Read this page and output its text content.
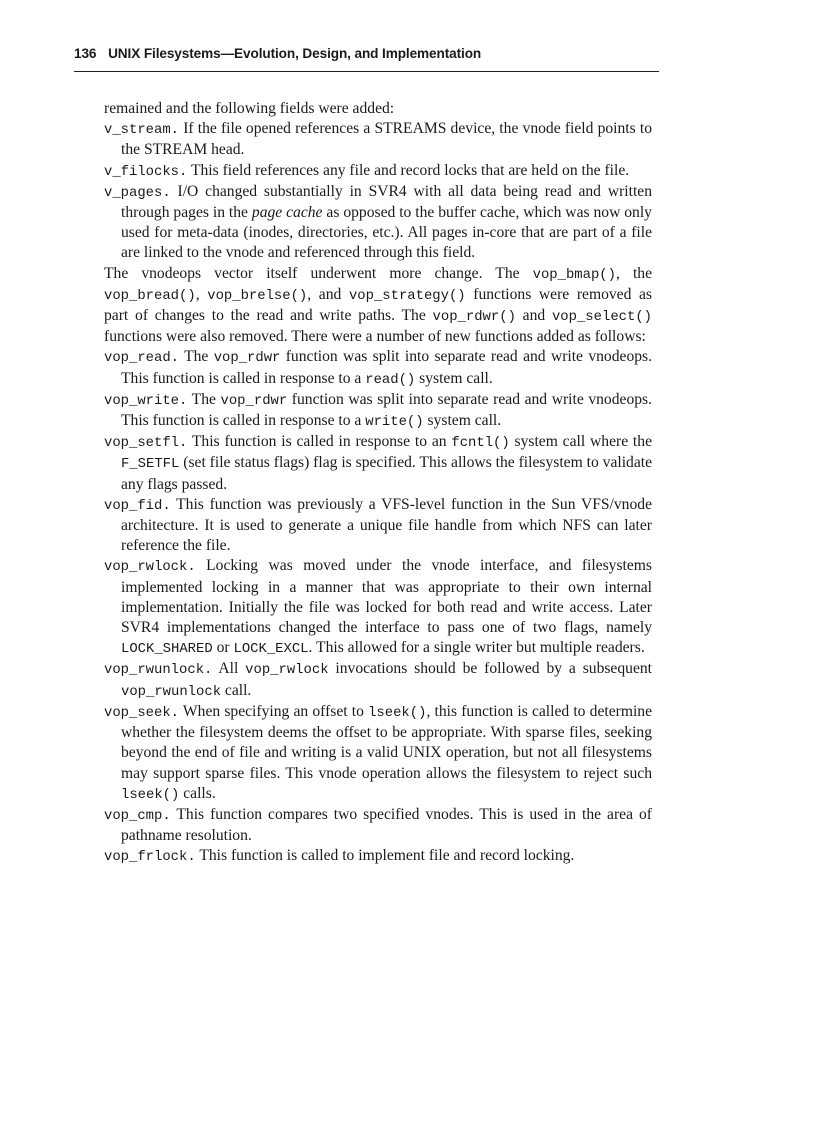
136 UNIX Filesystems—Evolution, Design, and Implementation

remained and the following fields were added:

v_stream. If the file opened references a STREAMS device, the vnode field points to the STREAM head.

v_filocks. This field references any file and record locks that are held on the file.

v_pages. I/O changed substantially in SVR4 with all data being read and written through pages in the page cache as opposed to the buffer cache, which was now only used for meta-data (inodes, directories, etc.). All pages in-core that are part of a file are linked to the vnode and referenced through this field.

The vnodeops vector itself underwent more change. The vop_bmap(), the vop_bread(), vop_brelse(), and vop_strategy() functions were removed as part of changes to the read and write paths. The vop_rdwr() and vop_select() functions were also removed. There were a number of new functions added as follows:

vop_read. The vop_rdwr function was split into separate read and write vnodeops. This function is called in response to a read() system call.

vop_write. The vop_rdwr function was split into separate read and write vnodeops. This function is called in response to a write() system call.

vop_setfl. This function is called in response to an fcntl() system call where the F_SETFL (set file status flags) flag is specified. This allows the filesystem to validate any flags passed.

vop_fid. This function was previously a VFS-level function in the Sun VFS/vnode architecture. It is used to generate a unique file handle from which NFS can later reference the file.

vop_rwlock. Locking was moved under the vnode interface, and filesystems implemented locking in a manner that was appropriate to their own internal implementation. Initially the file was locked for both read and write access. Later SVR4 implementations changed the interface to pass one of two flags, namely LOCK_SHARED or LOCK_EXCL. This allowed for a single writer but multiple readers.

vop_rwunlock. All vop_rwlock invocations should be followed by a subsequent vop_rwunlock call.

vop_seek. When specifying an offset to lseek(), this function is called to determine whether the filesystem deems the offset to be appropriate. With sparse files, seeking beyond the end of file and writing is a valid UNIX operation, but not all filesystems may support sparse files. This vnode operation allows the filesystem to reject such lseek() calls.

vop_cmp. This function compares two specified vnodes. This is used in the area of pathname resolution.

vop_frlock. This function is called to implement file and record locking.
